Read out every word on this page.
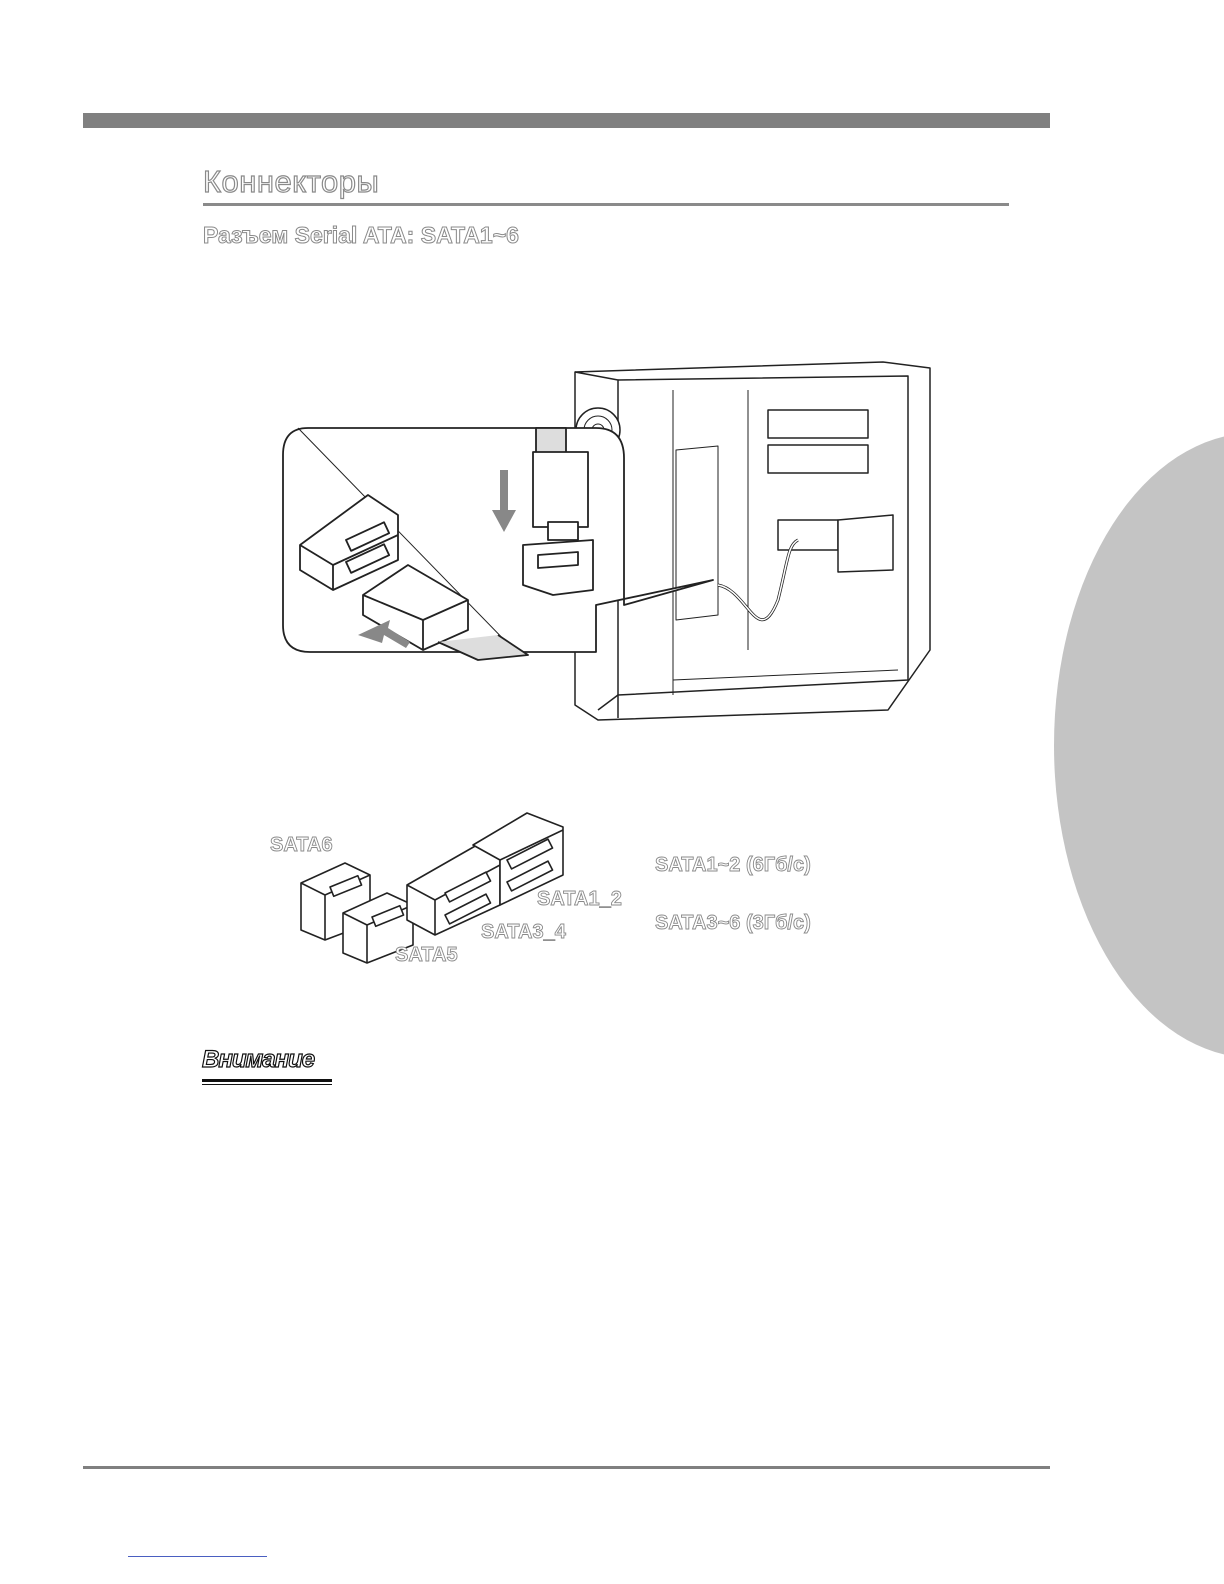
Коннекторы
Разъем Serial ATA: SATA1~6
SATA6
SATA1_2
SATA3_4
SATA5
SATA1~2 (6Гб/с)
SATA3~6 (3Гб/с)
Внимание
